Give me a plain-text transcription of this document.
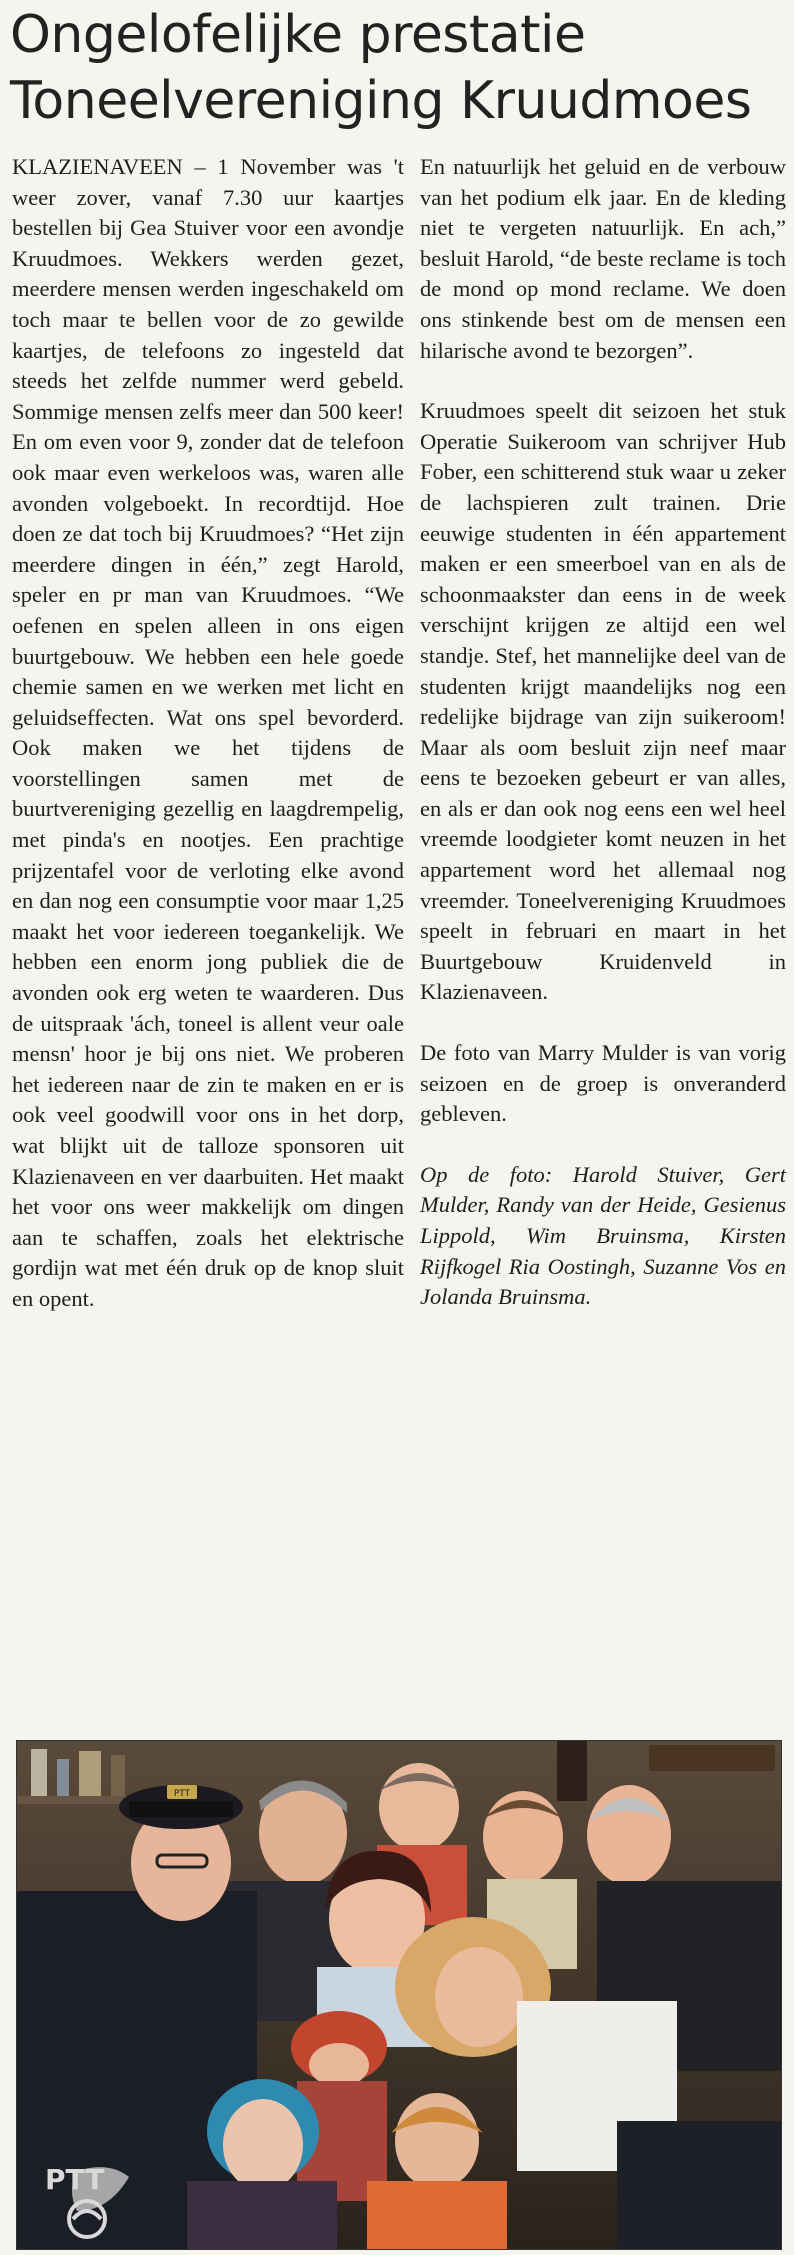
Ongelofelijke prestatie
Toneelvereniging Kruudmoes

KLAZIENAVEEN – 1 November was 't weer zover, vanaf 7.30 uur kaartjes bestellen bij Gea Stuiver voor een avondje Kruudmoes. Wekkers werden gezet, meerdere mensen werden ingeschakeld om toch maar te bellen voor de zo gewilde kaartjes, de telefoons zo ingesteld dat steeds het zelfde nummer werd gebeld. Sommige mensen zelfs meer dan 500 keer! En om even voor 9, zonder dat de telefoon ook maar even werkeloos was, waren alle avonden volgeboekt. In recordtijd. Hoe doen ze dat toch bij Kruudmoes? “Het zijn meerdere dingen in één,” zegt Harold, speler en pr man van Kruudmoes. “We oefenen en spelen alleen in ons eigen buurtgebouw. We hebben een hele goede chemie samen en we werken met licht en geluidseffecten. Wat ons spel bevorderd. Ook maken we het tijdens de voorstellingen samen met de buurtvereniging gezellig en laagdrempelig, met pinda's en nootjes. Een prachtige prijzentafel voor de verloting elke avond en dan nog een consumptie voor maar 1,25 maakt het voor iedereen toegankelijk. We hebben een enorm jong publiek die de avonden ook erg weten te waarderen. Dus de uitspraak 'ách, toneel is allent veur oale mensn' hoor je bij ons niet. We proberen het iedereen naar de zin te maken en er is ook veel goodwill voor ons in het dorp, wat blijkt uit de talloze sponsoren uit Klazienaveen en ver daarbuiten. Het maakt het voor ons weer makkelijk om dingen aan te schaffen, zoals het elektrische gordijn wat met één druk op de knop sluit en opent.

En natuurlijk het geluid en de verbouw van het podium elk jaar. En de kleding niet te vergeten natuurlijk. En ach,” besluit Harold, “de beste reclame is toch de mond op mond reclame. We doen ons stinkende best om de mensen een hilarische avond te bezorgen”.

Kruudmoes speelt dit seizoen het stuk Operatie Suikeroom van schrijver Hub Fober, een schitterend stuk waar u zeker de lachspieren zult trainen. Drie eeuwige studenten in één appartement maken er een smeerboel van en als de schoonmaakster dan eens in de week verschijnt krijgen ze altijd een wel standje. Stef, het mannelijke deel van de studenten krijgt maandelijks nog een redelijke bijdrage van zijn suikeroom! Maar als oom besluit zijn neef maar eens te bezoeken gebeurt er van alles, en als er dan ook nog eens een wel heel vreemde loodgieter komt neuzen in het appartement word het allemaal nog vreemder. Toneelvereniging Kruudmoes speelt in februari en maart in het Buurtgebouw Kruidenveld in Klazienaveen.

De foto van Marry Mulder is van vorig seizoen en de groep is onveranderd gebleven.

Op de foto: Harold Stuiver, Gert Mulder, Randy van der Heide, Gesienus Lippold, Wim Bruinsma, Kirsten Rijfkogel Ria Oostingh, Suzanne Vos en Jolanda Bruinsma.

PTT
PTT
